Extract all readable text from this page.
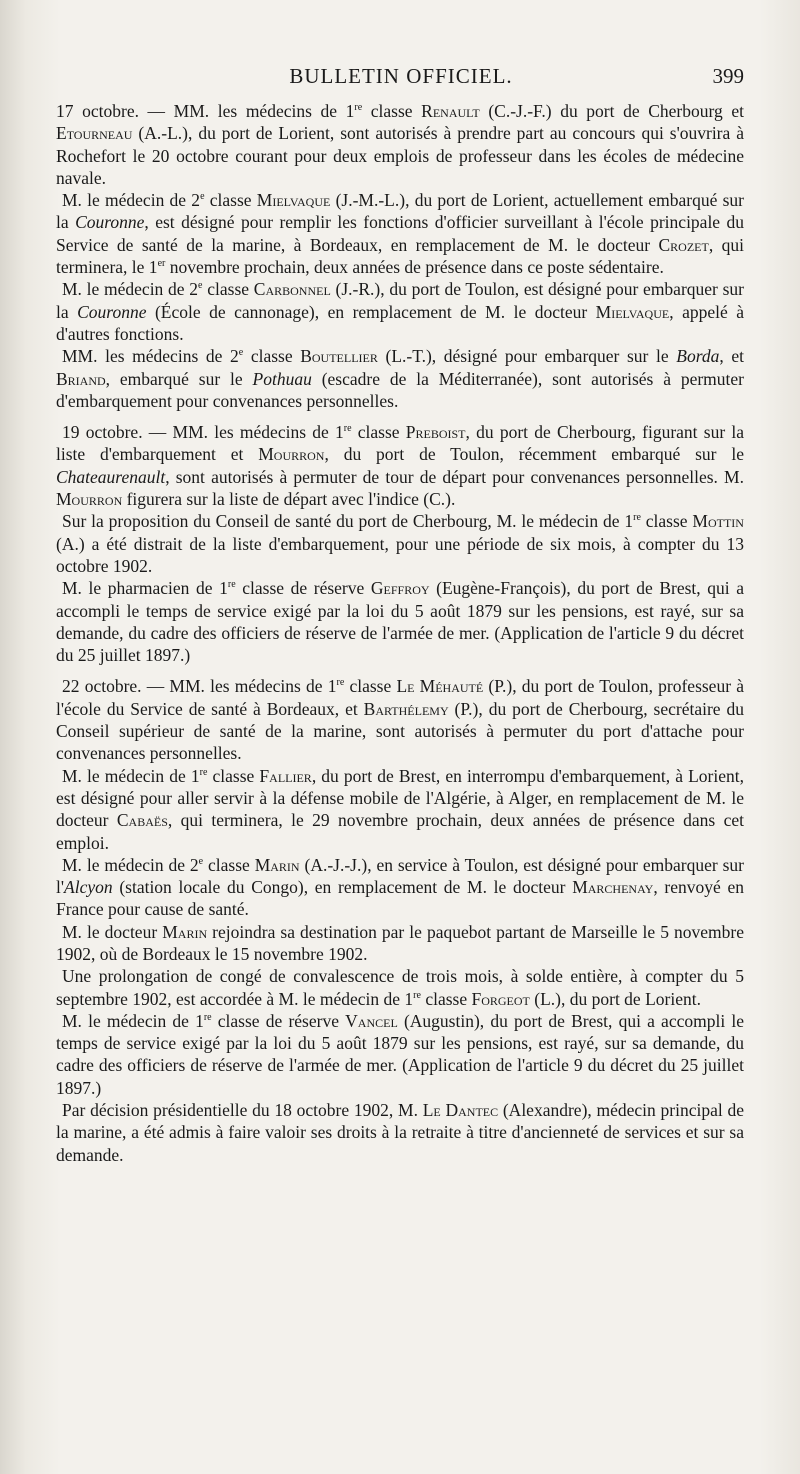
BULLETIN OFFICIEL.	399

17 octobre. — MM. les médecins de 1re classe Renault (C.-J.-F.) du port de Cherbourg et Etourneau (A.-L.), du port de Lorient, sont autorisés à prendre part au concours qui s'ouvrira à Rochefort le 20 octobre courant pour deux emplois de professeur dans les écoles de médecine navale.

M. le médecin de 2e classe Mielvaque (J.-M.-L.), du port de Lorient, actuellement embarqué sur la Couronne, est désigné pour remplir les fonctions d'officier surveillant à l'école principale du Service de santé de la marine, à Bordeaux, en remplacement de M. le docteur Crozet, qui terminera, le 1er novembre prochain, deux années de présence dans ce poste sédentaire.

M. le médecin de 2e classe Carbonnel (J.-R.), du port de Toulon, est désigné pour embarquer sur la Couronne (École de cannonage), en remplacement de M. le docteur Mielvaque, appelé à d'autres fonctions.

MM. les médecins de 2e classe Boutellier (L.-T.), désigné pour embarquer sur le Borda, et Briand, embarqué sur le Pothuau (escadre de la Méditerranée), sont autorisés à permuter d'embarquement pour convenances personnelles.

19 octobre. — MM. les médecins de 1re classe Preboist, du port de Cherbourg, figurant sur la liste d'embarquement et Mourron, du port de Toulon, récemment embarqué sur le Chateaurenault, sont autorisés à permuter de tour de départ pour convenances personnelles. M. Mourron figurera sur la liste de départ avec l'indice (C.).

Sur la proposition du Conseil de santé du port de Cherbourg, M. le médecin de 1re classe Mottin (A.) a été distrait de la liste d'embarquement, pour une période de six mois, à compter du 13 octobre 1902.

M. le pharmacien de 1re classe de réserve Geffroy (Eugène-François), du port de Brest, qui a accompli le temps de service exigé par la loi du 5 août 1879 sur les pensions, est rayé, sur sa demande, du cadre des officiers de réserve de l'armée de mer. (Application de l'article 9 du décret du 25 juillet 1897.)

22 octobre. — MM. les médecins de 1re classe Le Méhauté (P.), du port de Toulon, professeur à l'école du Service de santé à Bordeaux, et Barthélemy (P.), du port de Cherbourg, secrétaire du Conseil supérieur de santé de la marine, sont autorisés à permuter du port d'attache pour convenances personnelles.

M. le médecin de 1re classe Fallier, du port de Brest, en interrompu d'embarquement, à Lorient, est désigné pour aller servir à la défense mobile de l'Algérie, à Alger, en remplacement de M. le docteur Cabaës, qui terminera, le 29 novembre prochain, deux années de présence dans cet emploi.

M. le médecin de 2e classe Marin (A.-J.-J.), en service à Toulon, est désigné pour embarquer sur l'Alcyon (station locale du Congo), en remplacement de M. le docteur Marchenay, renvoyé en France pour cause de santé.

M. le docteur Marin rejoindra sa destination par le paquebot partant de Marseille le 5 novembre 1902, où de Bordeaux le 15 novembre 1902.

Une prolongation de congé de convalescence de trois mois, à solde entière, à compter du 5 septembre 1902, est accordée à M. le médecin de 1re classe Forgeot (L.), du port de Lorient.

M. le médecin de 1re classe de réserve Vancel (Augustin), du port de Brest, qui a accompli le temps de service exigé par la loi du 5 août 1879 sur les pensions, est rayé, sur sa demande, du cadre des officiers de réserve de l'armée de mer. (Application de l'article 9 du décret du 25 juillet 1897.)

Par décision présidentielle du 18 octobre 1902, M. Le Dantec (Alexandre), médecin principal de la marine, a été admis à faire valoir ses droits à la retraite à titre d'ancienneté de services et sur sa demande.
